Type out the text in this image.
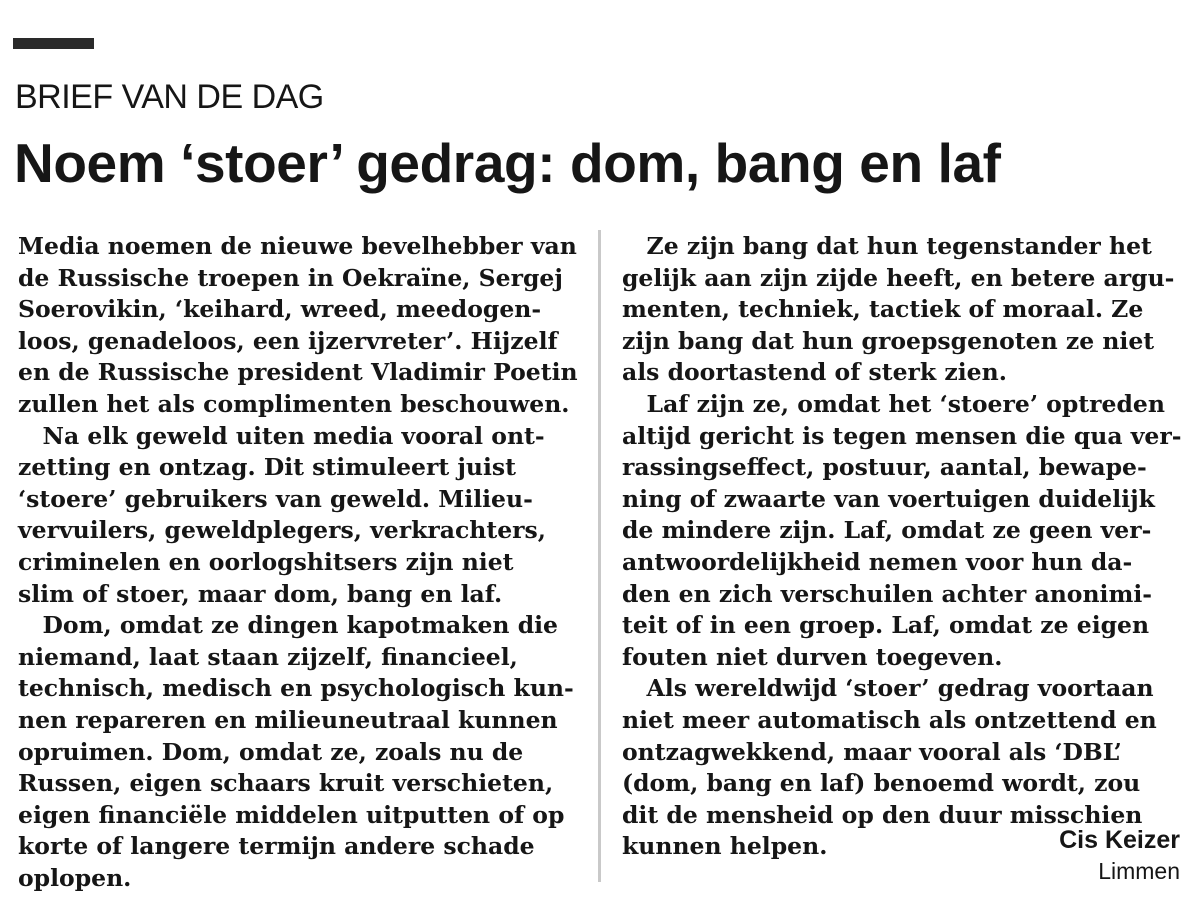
BRIEF VAN DE DAG
Noem ‘stoer’ gedrag: dom, bang en laf
Media noemen de nieuwe bevelhebber van
de Russische troepen in Oekraïne, Sergej
Soerovikin, ‘keihard, wreed, meedogen-
loos, genadeloos, een ijzervreter’. Hijzelf
en de Russische president Vladimir Poetin
zullen het als complimenten beschouwen.
Na elk geweld uiten media vooral ont-
zetting en ontzag. Dit stimuleert juist
‘stoere’ gebruikers van geweld. Milieu-
vervuilers, geweldplegers, verkrachters,
criminelen en oorlogshitsers zijn niet
slim of stoer, maar dom, bang en laf.
Dom, omdat ze dingen kapotmaken die
niemand, laat staan zijzelf, financieel,
technisch, medisch en psychologisch kun-
nen repareren en milieuneutraal kunnen
opruimen. Dom, omdat ze, zoals nu de
Russen, eigen schaars kruit verschieten,
eigen financiële middelen uitputten of op
korte of langere termijn andere schade
oplopen.
Ze zijn bang dat hun tegenstander het
gelijk aan zijn zijde heeft, en betere argu-
menten, techniek, tactiek of moraal. Ze
zijn bang dat hun groepsgenoten ze niet
als doortastend of sterk zien.
Laf zijn ze, omdat het ‘stoere’ optreden
altijd gericht is tegen mensen die qua ver-
rassingseffect, postuur, aantal, bewape-
ning of zwaarte van voertuigen duidelijk
de mindere zijn. Laf, omdat ze geen ver-
antwoordelijkheid nemen voor hun da-
den en zich verschuilen achter anonimi-
teit of in een groep. Laf, omdat ze eigen
fouten niet durven toegeven.
Als wereldwijd ‘stoer’ gedrag voortaan
niet meer automatisch als ontzettend en
ontzagwekkend, maar vooral als ‘DBL’
(dom, bang en laf) benoemd wordt, zou
dit de mensheid op den duur misschien
kunnen helpen.	Cis Keizer
Limmen
